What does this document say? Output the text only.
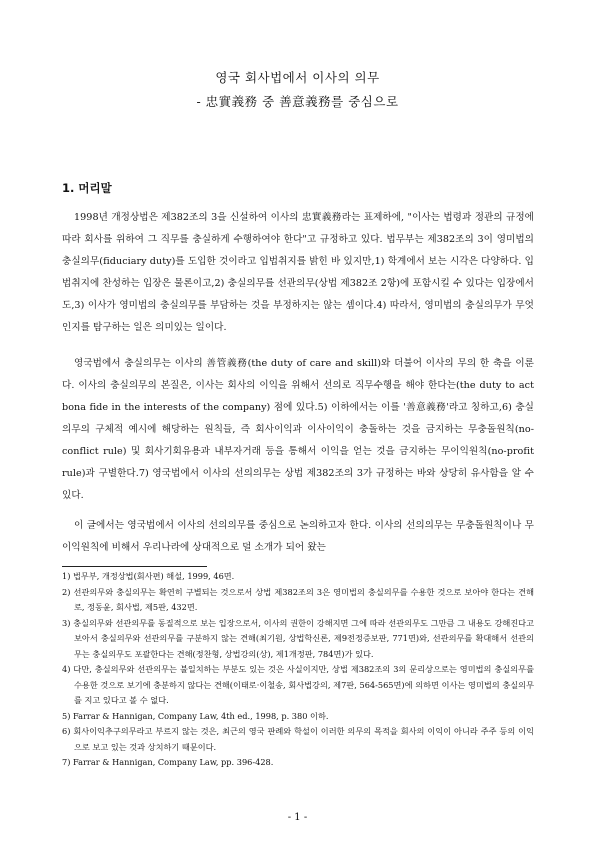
영국 회사법에서 이사의 의무
- 忠實義務 중 善意義務를 중심으로
1. 머리말

1998년 개정상법은 제382조의 3을 신설하여 이사의 忠實義務라는 표제하에, "이사는 법령과 정관의 규정에 따라 회사를 위하여 그 직무를 충실하게 수행하여야 한다"고 규정하고 있다. 법무부는 제382조의 3이 영미법의 충실의무(fiduciary duty)를 도입한 것이라고 입법취지를 밝힌 바 있지만,1) 학계에서 보는 시각은 다양하다. 입법취지에 찬성하는 입장은 물론이고,2) 충실의무를 선관의무(상법 제382조 2항)에 포함시킬 수 있다는 입장에서도,3) 이사가 영미법의 충실의무를 부담하는 것을 부정하지는 않는 셈이다.4) 따라서, 영미법의 충실의무가 무엇인지를 탐구하는 일은 의미있는 일이다.

영국법에서 충실의무는 이사의 善管義務(the duty of care and skill)와 더불어 이사의 무의 한 축을 이룬다. 이사의 충실의무의 본질은, 이사는 회사의 이익을 위해서 선의로 직무수행을 해야 한다는(the duty to act bona fide in the interests of the company) 점에 있다.5) 이하에서는 이를 '善意義務'라고 칭하고,6) 충실의무의 구체적 예시에 해당하는 원칙들, 즉 회사이익과 이사이익이 충돌하는 것을 금지하는 무충돌원칙(no-conflict rule) 및 회사기회유용과 내부자거래 등을 통해서 이익을 얻는 것을 금지하는 무이익원칙(no-profit rule)과 구별한다.7) 영국법에서 이사의 선의의무는 상법 제382조의 3가 규정하는 바와 상당히 유사함을 알 수 있다.

이 글에서는 영국법에서 이사의 선의의무를 중심으로 논의하고자 한다. 이사의 선의의무는 무충돌원칙이나 무이익원칙에 비해서 우리나라에 상대적으로 덜 소개가 되어 왔는

1) 법무부, 개정상법(회사편) 해설, 1999, 46면.

2) 선관의무와 충실의무는 확연히 구별되는 것으로서 상법 제382조의 3은 영미법의 충실의무를 수용한 것으로 보아야 한다는 견해로, 정동윤, 회사법, 제5판, 432면.

3) 충실의무와 선관의무를 동질적으로 보는 입장으로서, 이사의 권한이 강해지면 그에 따라 선관의무도 그만큼 그 내용도 강해진다고 보아서 충실의무와 선관의무를 구분하지 않는 견해(최기원, 상법학신론, 제9전정증보판, 771면)와, 선관의무를 확대해서 선관의무는 충실의무도 포괄한다는 견해(정찬형, 상법강의(상), 제1개정판, 784면)가 있다.

4) 다만, 충실의무와 선관의무는 불일치하는 부분도 있는 것은 사실이지만, 상법 제382조의 3의 문리상으로는 영미법의 충실의무를 수용한 것으로 보기에 충분하지 않다는 견해(이태로·이철송, 회사법강의, 제7판, 564-565면)에 의하면 이사는 영미법의 충실의무를 지고 있다고 볼 수 없다.

5) Farrar & Hannigan, Company Law, 4th ed., 1998, p. 380 이하.

6) 회사이익추구의무라고 부르지 않는 것은, 최근의 영국 판례와 학설이 이러한 의무의 목적을 회사의 이익이 아니라 주주 등의 이익으로 보고 있는 것과 상치하기 때문이다.

7) Farrar & Hannigan, Company Law, pp. 396-428.

- 1 -
